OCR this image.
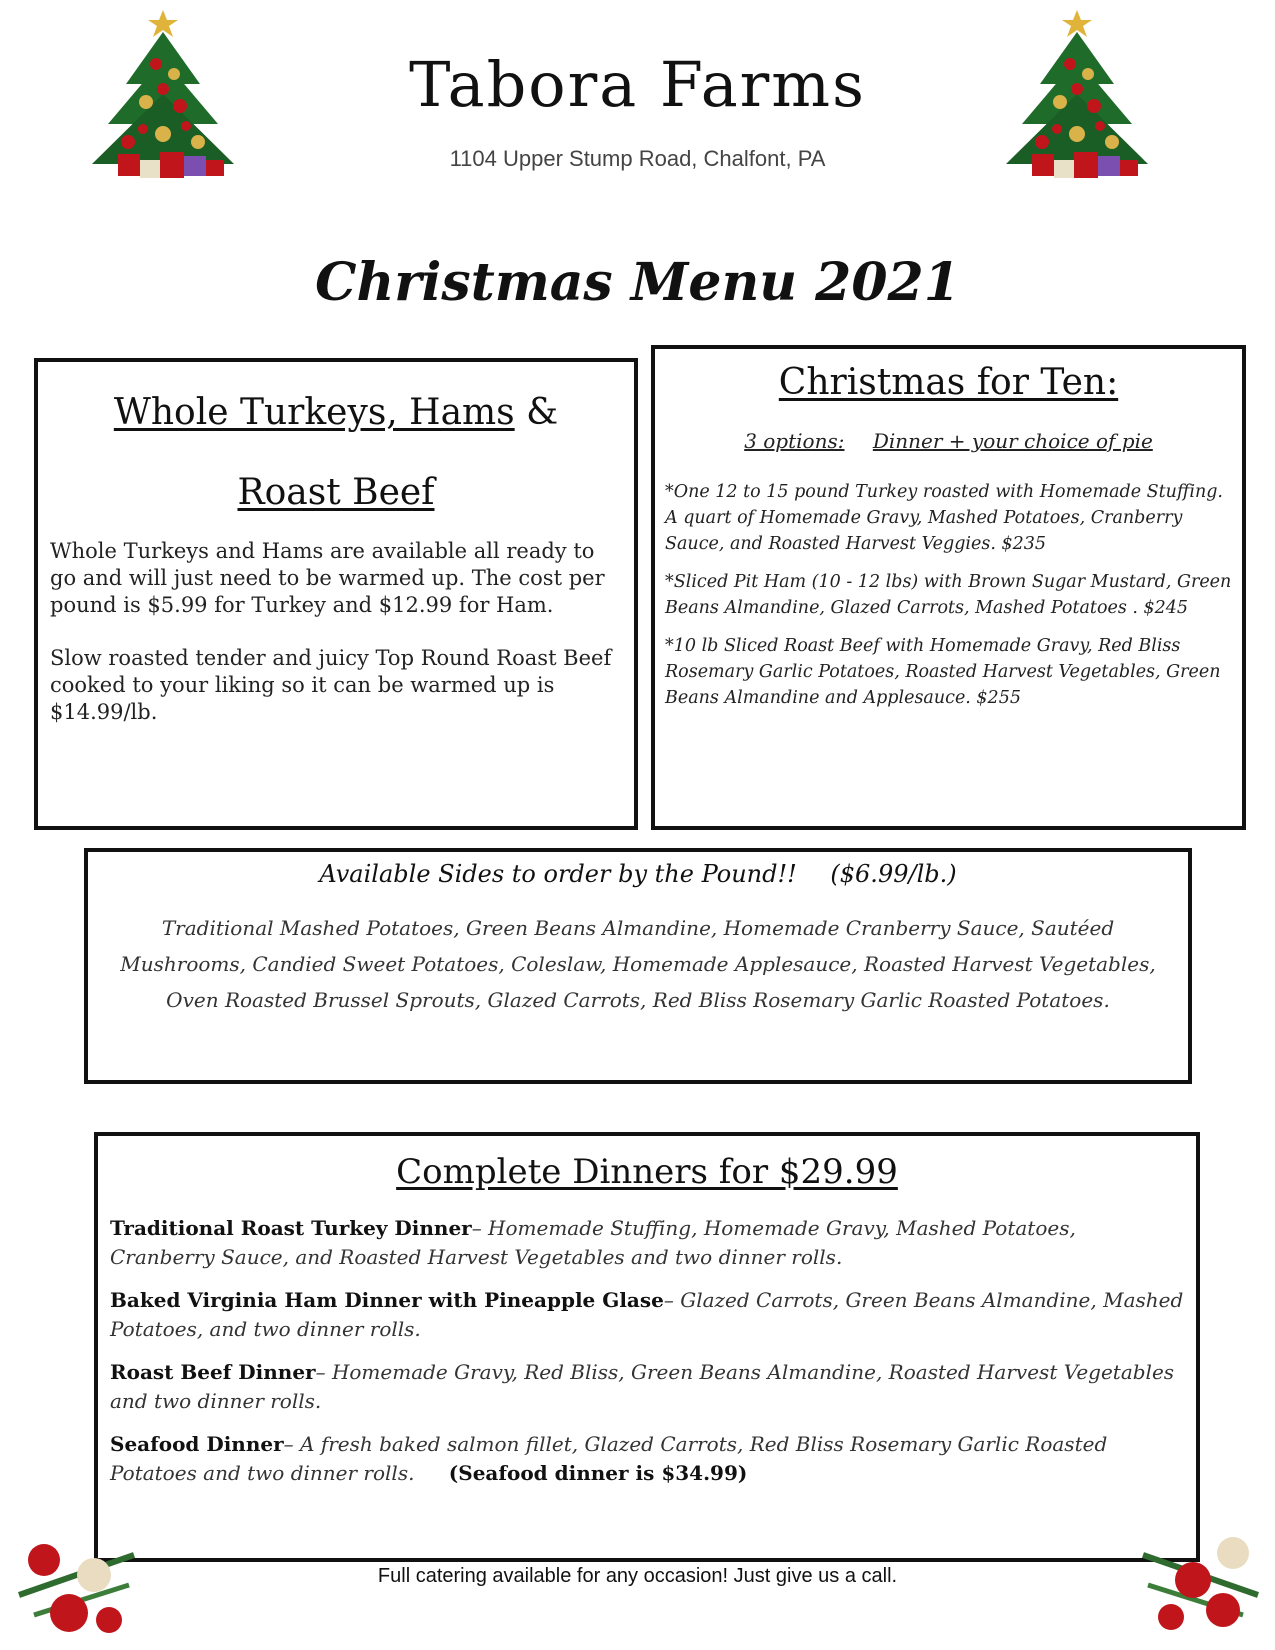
Tabora Farms
1104 Upper Stump Road, Chalfont, PA
Christmas Menu 2021
Whole Turkeys, Hams &
Roast Beef

Whole Turkeys and Hams are available all ready to go and will just need to be warmed up. The cost per pound is $5.99 for Turkey and $12.99 for Ham.

Slow roasted tender and juicy Top Round Roast Beef cooked to your liking so it can be warmed up is $14.99/lb.

Christmas for Ten:
3 options: Dinner + your choice of pie

*One 12 to 15 pound Turkey roasted with Homemade Stuffing. A quart of Homemade Gravy, Mashed Potatoes, Cranberry Sauce, and Roasted Harvest Veggies. $235

*Sliced Pit Ham (10 - 12 lbs) with Brown Sugar Mustard, Green Beans Almandine, Glazed Carrots, Mashed Potatoes . $245

*10 lb Sliced Roast Beef with Homemade Gravy, Red Bliss Rosemary Garlic Potatoes, Roasted Harvest Vegetables, Green Beans Almandine and Applesauce. $255

Available Sides to order by the Pound!! ($6.99/lb.)

Traditional Mashed Potatoes, Green Beans Almandine, Homemade Cranberry Sauce, Sautéed Mushrooms, Candied Sweet Potatoes, Coleslaw, Homemade Applesauce, Roasted Harvest Vegetables, Oven Roasted Brussel Sprouts, Glazed Carrots, Red Bliss Rosemary Garlic Roasted Potatoes.

Complete Dinners for $29.99

Traditional Roast Turkey Dinner– Homemade Stuffing, Homemade Gravy, Mashed Potatoes, Cranberry Sauce, and Roasted Harvest Vegetables and two dinner rolls.

Baked Virginia Ham Dinner with Pineapple Glase– Glazed Carrots, Green Beans Almandine, Mashed Potatoes, and two dinner rolls.

Roast Beef Dinner– Homemade Gravy, Red Bliss, Green Beans Almandine, Roasted Harvest Vegetables and two dinner rolls.

Seafood Dinner– A fresh baked salmon fillet, Glazed Carrots, Red Bliss Rosemary Garlic Roasted Potatoes and two dinner rolls. (Seafood dinner is $34.99)

Full catering available for any occasion! Just give us a call.
